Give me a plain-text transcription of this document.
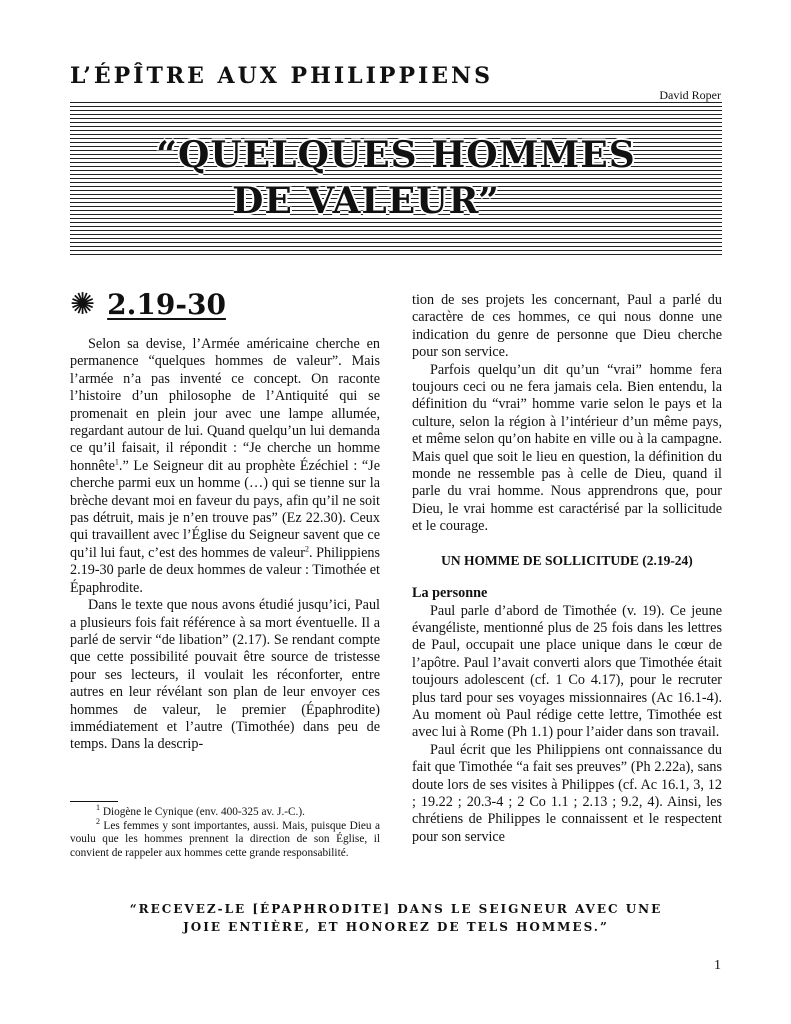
L’ÉPÎTRE AUX PHILIPPIENS
David Roper
“QUELQUES HOMMES
DE VALEUR”
✺ 2.19-30

Selon sa devise, l’Armée américaine cherche en permanence “quelques hommes de valeur”. Mais l’armée n’a pas inventé ce concept. On raconte l’histoire d’un philosophe de l’Antiquité qui se promenait en plein jour avec une lampe allumée, regardant autour de lui. Quand quelqu’un lui demanda ce qu’il faisait, il répondit : “Je cherche un homme honnête$^1$.” Le Seigneur dit au prophète Ézéchiel : “Je cherche parmi eux un homme (…) qui se tienne sur la brèche devant moi en faveur du pays, afin qu’il ne soit pas détruit, mais je n’en trouve pas” (Ez 22.30). Ceux qui travaillent avec l’Église du Seigneur savent que ce qu’il lui faut, c’est des hommes de valeur$^2$. Philippiens 2.19-30 parle de deux hommes de valeur : Timothée et Épaphrodite.

Dans le texte que nous avons étudié jusqu’ici, Paul a plusieurs fois fait référence à sa mort éventuelle. Il a parlé de servir “de libation” (2.17). Se rendant compte que cette possibilité pouvait être source de tristesse pour ses lecteurs, il voulait les réconforter, entre autres en leur révélant son plan de leur envoyer ces hommes de valeur, le premier (Épaphrodite) immédiatement et l’autre (Timothée) dans peu de temps. Dans la descrip-

tion de ses projets les concernant, Paul a parlé du caractère de ces hommes, ce qui nous donne une indication du genre de personne que Dieu cherche pour son service.

Parfois quelqu’un dit qu’un “vrai” homme fera toujours ceci ou ne fera jamais cela. Bien entendu, la définition du “vrai” homme varie selon le pays et la culture, selon la région à l’intérieur d’un même pays, et même selon qu’on habite en ville ou à la campagne. Mais quel que soit le lieu en question, la définition du monde ne ressemble pas à celle de Dieu, quand il parle du vrai homme. Nous apprendrons que, pour Dieu, le vrai homme est caractérisé par la sollicitude et le courage.

UN HOMME DE SOLLICITUDE (2.19-24)
La personne

Paul parle d’abord de Timothée (v. 19). Ce jeune évangéliste, mentionné plus de 25 fois dans les lettres de Paul, occupait une place unique dans le cœur de l’apôtre. Paul l’avait converti alors que Timothée était toujours adolescent (cf. 1 Co 4.17), pour le recruter plus tard pour ses voyages missionnaires (Ac 16.1-4). Au moment où Paul rédige cette lettre, Timothée est avec lui à Rome (Ph 1.1) pour l’aider dans son travail.

Paul écrit que les Philippiens ont connaissance du fait que Timothée “a fait ses preuves” (Ph 2.22a), sans doute lors de ses visites à Philippes (cf. Ac 16.1, 3, 12 ; 19.22 ; 20.3-4 ; 2 Co 1.1 ; 2.13 ; 9.2, 4). Ainsi, les chrétiens de Philippes le connaissent et le respectent pour son service

$^1$ Diogène le Cynique (env. 400-325 av. J.-C.).

$^2$ Les femmes y sont importantes, aussi. Mais, puisque Dieu a voulu que les hommes prennent la direction de son Église, il convient de rappeler aux hommes cette grande responsabilité.

“RECEVEZ-LE [ÉPAPHRODITE] DANS LE SEIGNEUR AVEC UNE
JOIE ENTIÈRE, ET HONOREZ DE TELS HOMMES.”
1
